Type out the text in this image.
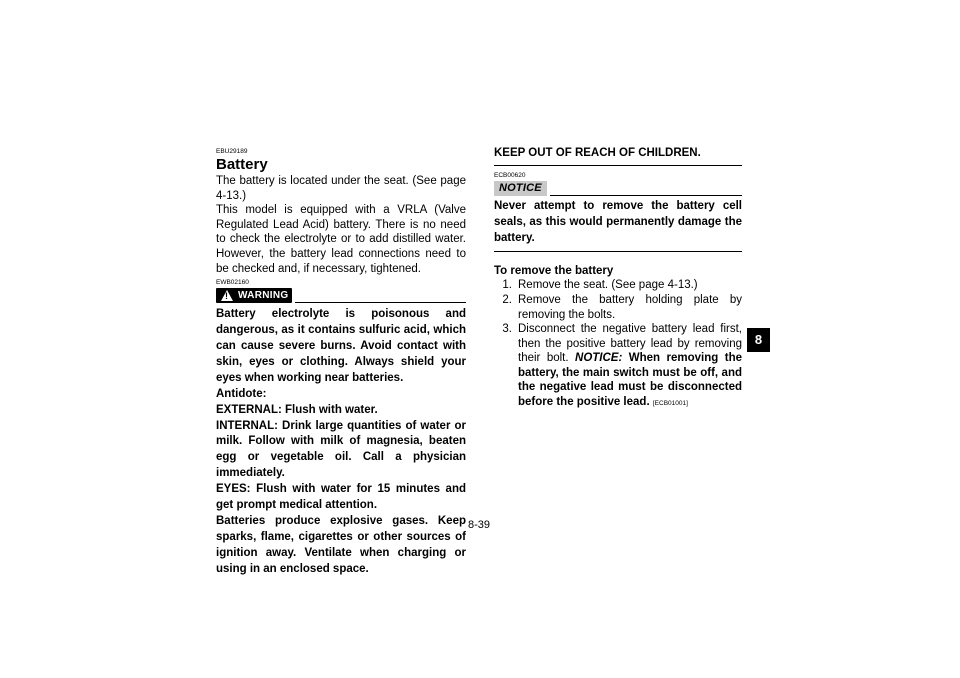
EBU29189

Battery

The battery is located under the seat. (See page 4-13.)

This model is equipped with a VRLA (Valve Regulated Lead Acid) battery. There is no need to check the electrolyte or to add distilled water. However, the battery lead connections need to be checked and, if necessary, tightened.

EWB02160

! WARNING

Battery electrolyte is poisonous and dangerous, as it contains sulfuric acid, which can cause severe burns. Avoid contact with skin, eyes or clothing. Always shield your eyes when working near batteries.

Antidote:

EXTERNAL: Flush with water.

INTERNAL: Drink large quantities of water or milk. Follow with milk of magnesia, beaten egg or vegetable oil. Call a physician immediately.

EYES: Flush with water for 15 minutes and get prompt medical attention.

Batteries produce explosive gases. Keep sparks, flame, cigarettes or other sources of ignition away. Ventilate when charging or using in an enclosed space.

KEEP OUT OF REACH OF CHILDREN.

ECB00620

NOTICE

Never attempt to remove the battery cell seals, as this would permanently damage the battery.

To remove the battery

1. Remove the seat. (See page 4-13.)
2. Remove the battery holding plate by removing the bolts.
3. Disconnect the negative battery lead first, then the positive battery lead by removing their bolt. NOTICE: When removing the battery, the main switch must be off, and the negative lead must be disconnected before the positive lead. [ECB01001]
8-39
8
